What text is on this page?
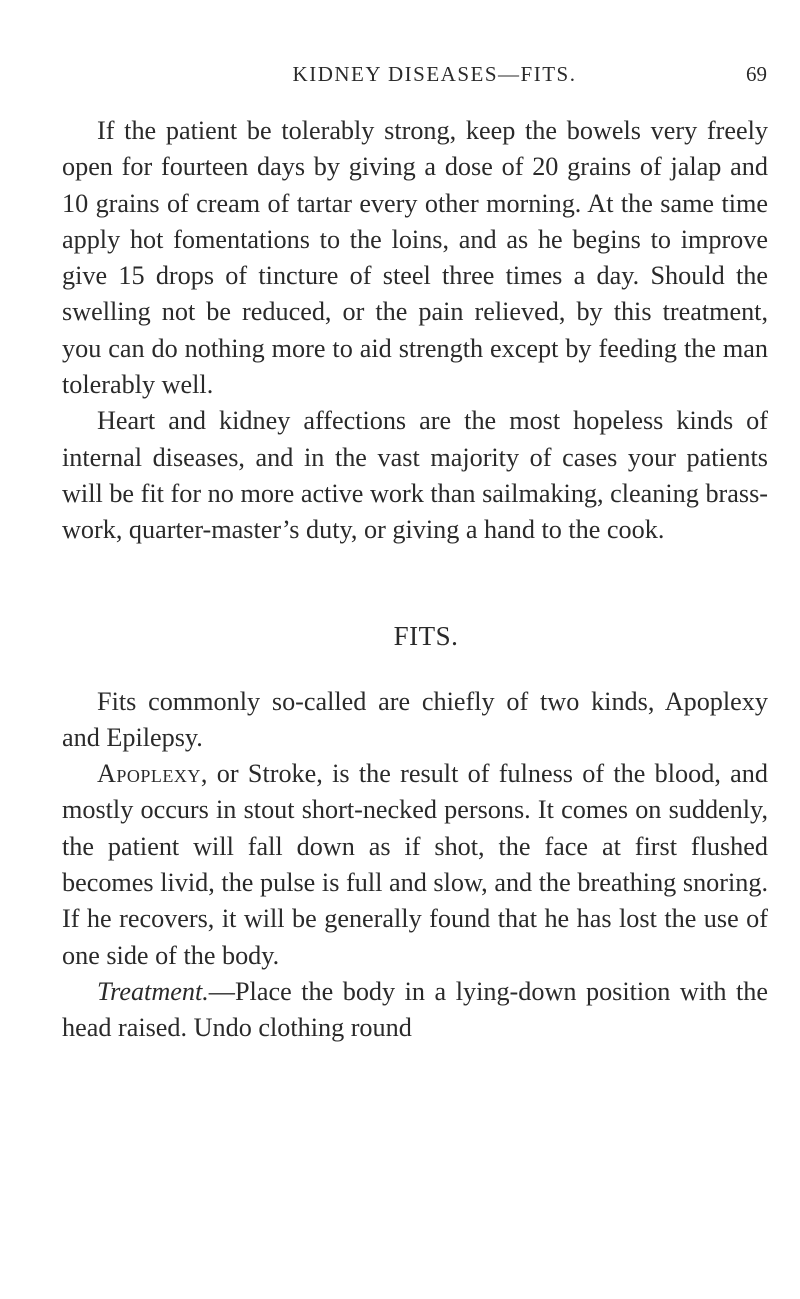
KIDNEY DISEASES—FITS.	69

If the patient be tolerably strong, keep the bowels very freely open for fourteen days by giving a dose of 20 grains of jalap and 10 grains of cream of tartar every other morning. At the same time apply hot fomentations to the loins, and as he begins to improve give 15 drops of tincture of steel three times a day. Should the swelling not be reduced, or the pain relieved, by this treatment, you can do nothing more to aid strength except by feeding the man tolerably well.

Heart and kidney affections are the most hopeless kinds of internal diseases, and in the vast majority of cases your patients will be fit for no more active work than sailmaking, cleaning brass-work, quarter-master’s duty, or giving a hand to the cook.

FITS.

Fits commonly so-called are chiefly of two kinds, Apoplexy and Epilepsy.

Apoplexy, or Stroke, is the result of fulness of the blood, and mostly occurs in stout short-necked persons. It comes on suddenly, the patient will fall down as if shot, the face at first flushed becomes livid, the pulse is full and slow, and the breathing snoring. If he recovers, it will be generally found that he has lost the use of one side of the body.

Treatment.—Place the body in a lying-down position with the head raised. Undo clothing round
